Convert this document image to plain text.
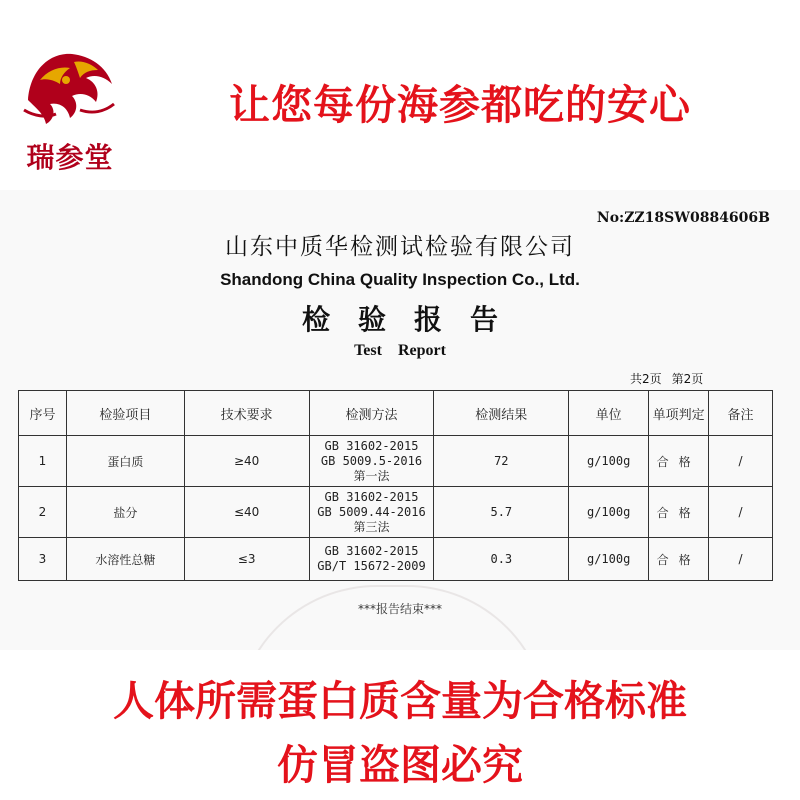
瑞参堂
让您每份海参都吃的安心
No:ZZ18SW0884606B
山东中质华检测试检验有限公司
Shandong China Quality Inspection Co., Ltd.
检验报告
Test Report
共2页 第2页
序号	检验项目	技术要求	检测方法	检测结果	单位	单项判定	备注
1	蛋白质	≥40	GB 31602-2015
GB 5009.5-2016
第一法	72	g/100g	合格	/
2	盐分	≤40	GB 31602-2015
GB 5009.44-2016
第三法	5.7	g/100g	合格	/
3	水溶性总糖	≤3	GB 31602-2015
GB/T 15672-2009	0.3	g/100g	合格	/
***报告结束***
人体所需蛋白质含量为合格标准
仿冒盗图必究
